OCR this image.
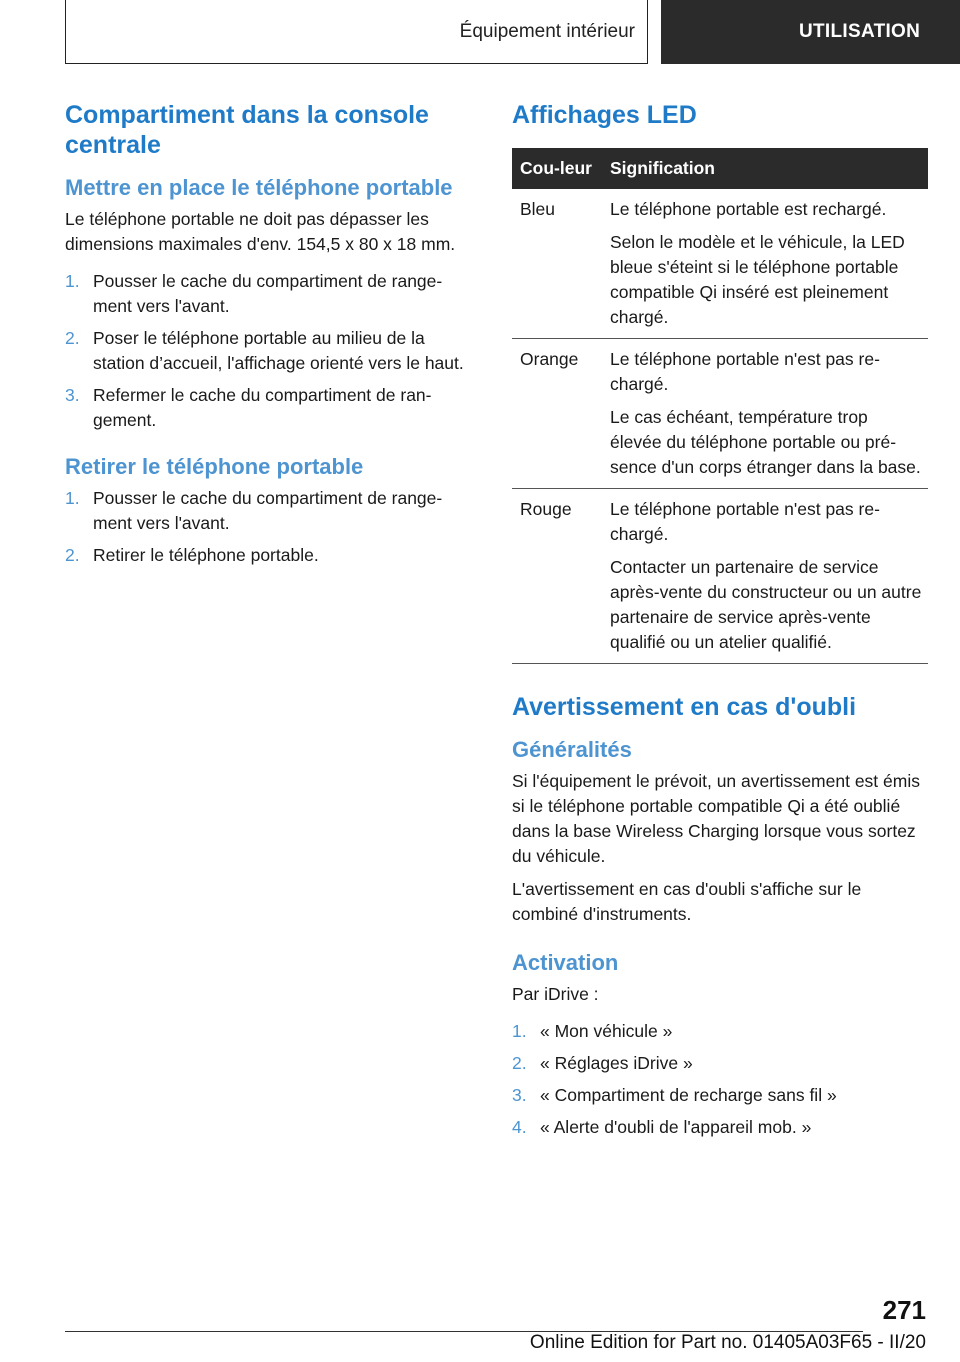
Équipement intérieur	UTILISATION
Compartiment dans la console centrale
Mettre en place le téléphone portable

Le téléphone portable ne doit pas dépasser les dimensions maximales d'env. 154,5 x 80 x 18 mm.

1. Pousser le cache du compartiment de range‐ment vers l'avant.
2. Poser le téléphone portable au milieu de la station d’accueil, l'affichage orienté vers le haut.
3. Refermer le cache du compartiment de ran‐gement.
Retirer le téléphone portable
1. Pousser le cache du compartiment de range‐ment vers l'avant.
2. Retirer le téléphone portable.
Affichages LED
Cou‐leur	Signification
Bleu	Le téléphone portable est rechargé.

Selon le modèle et le véhicule, la LED bleue s'éteint si le téléphone portable compatible Qi inséré est pleinement chargé.

Orange	Le téléphone portable n'est pas re‐chargé.

Le cas échéant, température trop élevée du téléphone portable ou pré‐sence d'un corps étranger dans la base.

Rouge	Le téléphone portable n'est pas re‐chargé.

Contacter un partenaire de service après-vente du constructeur ou un autre partenaire de service après-vente qualifié ou un atelier qualifié.

Avertissement en cas d'oubli
Généralités

Si l'équipement le prévoit, un avertissement est émis si le téléphone portable compatible Qi a été oublié dans la base Wireless Charging lorsque vous sortez du véhicule.

L'avertissement en cas d'oubli s'affiche sur le combiné d'instruments.

Activation

Par iDrive :

1. « Mon véhicule »
2. « Réglages iDrive »
3. « Compartiment de recharge sans fil »
4. « Alerte d'oubli de l'appareil mob. »
271
Online Edition for Part no. 01405A03F65 - II/20
